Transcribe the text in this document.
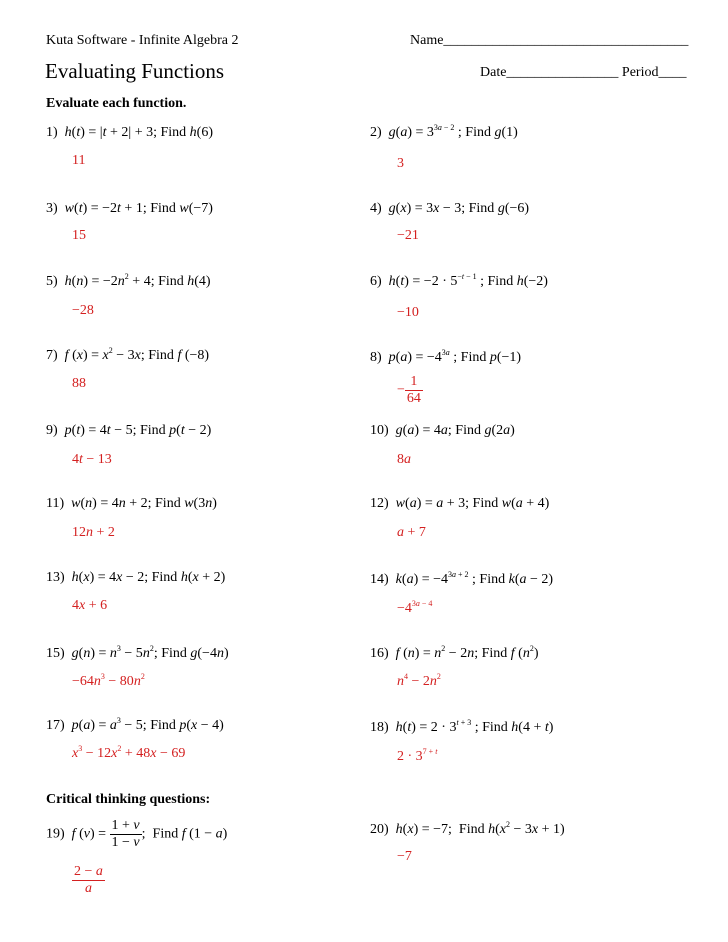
Kuta Software - Infinite Algebra 2	Name___________________________________
Evaluating Functions	Date________________ Period____
Evaluate each function.
1) h(t) = |t + 2| + 3; Find h(6)
11
2) $g(a) = 3^{3a - 2}$ ; Find g(1)
3
3) w(t) = −2t + 1; Find w(−7)
15
4) g(x) = 3x − 3; Find g(−6)
−21
5) $h(n) = -2n^2 + 4$; Find h(4)
−28
6) $h(t) = -2 \cdot 5^{-t - 1}$ ; Find h(−2)
−10
7) f $(x) = x^2 - 3x$; Find f (−8)
88
8) $p(a) = -4^{3a}$ ; Find p(−1)
− $\frac{1}{64}$
9) p(t) = 4t − 5; Find p(t − 2)
4t − 13
10) g(a) = 4a; Find g(2a)
8a
11) w(n) = 4n + 2; Find w(3n)
12n + 2
12) w(a) = a + 3; Find w(a + 4)
a + 7
13) h(x) = 4x − 2; Find h(x + 2)
4x + 6
14) $k(a) = -4^{3a + 2}$ ; Find k(a − 2)
$-4^{3a - 4}$
15) $g(n) = n^3 - 5n^2$; Find g(−4n)
$-64n^3 - 80n^2$
16) f $(n) = n^2 - 2n$; Find f $(n^2)$
$n^4 - 2n^2$
17) $p(a) = a^3 - 5$; Find p(x − 4)
$x^3 - 12x^2 + 48x - 69$
18) $h(t) = 2 \cdot 3^{t + 3}$ ; Find h(4 + t)
$2 \cdot 3^{7 + t}$
Critical thinking questions:
19) f $(v) = \frac{1 + v}{1 - v}$ ;  Find f (1 − a)
$\frac{2 - a}{a}$
20) h(x) = −7;  Find $h(x^2 - 3x + 1)$
−7
